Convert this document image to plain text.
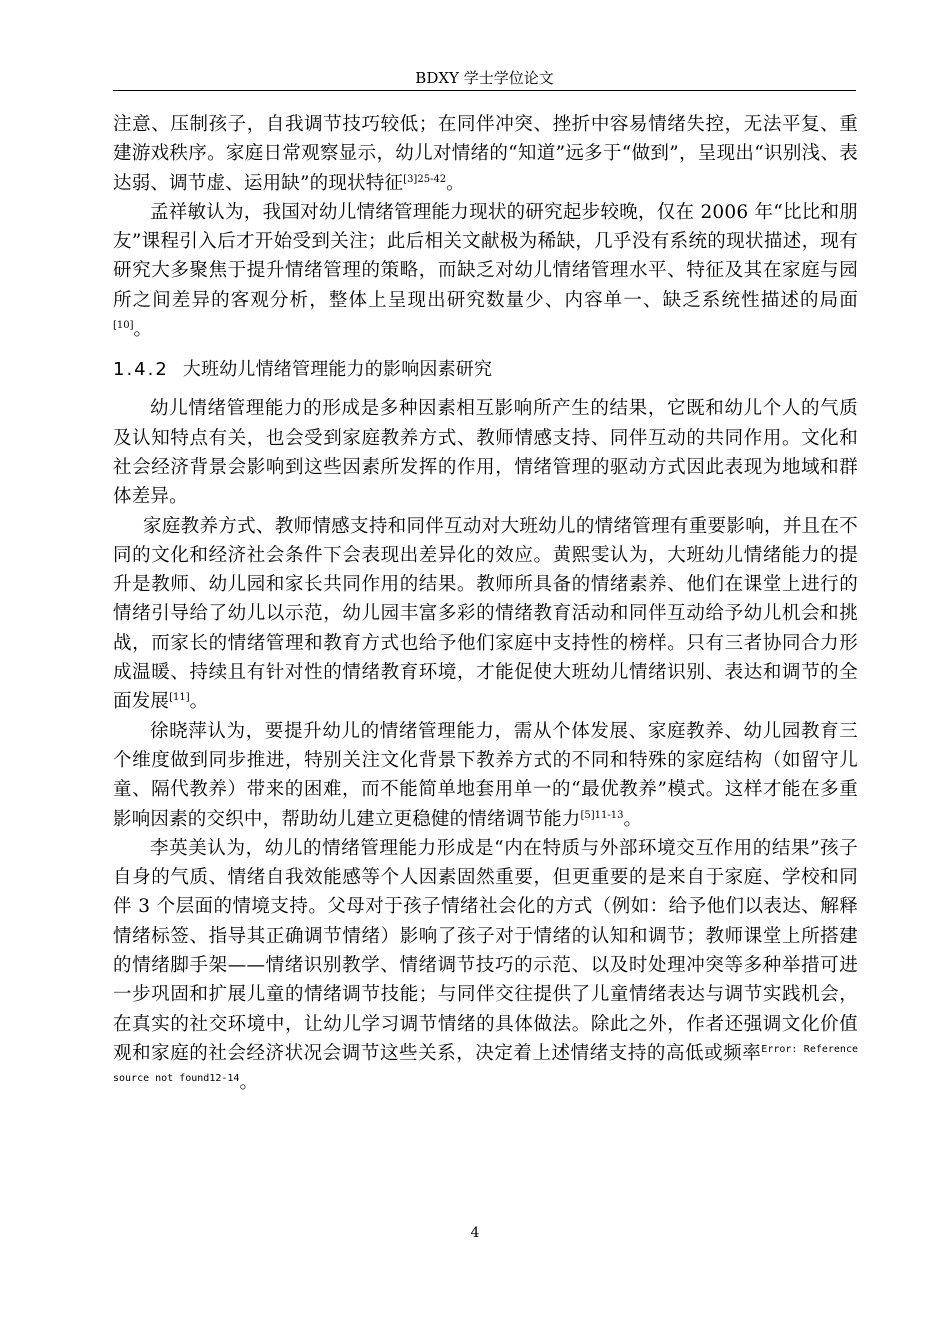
BDXY 学士学位论文

注意、压制孩子，自我调节技巧较低；在同伴冲突、挫折中容易情绪失控，无法平复、重建游戏秩序。家庭日常观察显示，幼儿对情绪的“知道”远多于“做到”，呈现出“识别浅、表达弱、调节虚、运用缺”的现状特征$^{[3]25-42}$。

孟祥敏认为，我国对幼儿情绪管理能力现状的研究起步较晚，仅在 2006 年“比比和朋友”课程引入后才开始受到关注；此后相关文献极为稀缺，几乎没有系统的现状描述，现有研究大多聚焦于提升情绪管理的策略，而缺乏对幼儿情绪管理水平、特征及其在家庭与园所之间差异的客观分析，整体上呈现出研究数量少、内容单一、缺乏系统性描述的局面[10]。

1.4.2 大班幼儿情绪管理能力的影响因素研究

幼儿情绪管理能力的形成是多种因素相互影响所产生的结果，它既和幼儿个人的气质及认知特点有关，也会受到家庭教养方式、教师情感支持、同伴互动的共同作用。文化和社会经济背景会影响到这些因素所发挥的作用，情绪管理的驱动方式因此表现为地域和群体差异。

家庭教养方式、教师情感支持和同伴互动对大班幼儿的情绪管理有重要影响，并且在不同的文化和经济社会条件下会表现出差异化的效应。黄熙雯认为，大班幼儿情绪能力的提升是教师、幼儿园和家长共同作用的结果。教师所具备的情绪素养、他们在课堂上进行的情绪引导给了幼儿以示范，幼儿园丰富多彩的情绪教育活动和同伴互动给予幼儿机会和挑战，而家长的情绪管理和教育方式也给予他们家庭中支持性的榜样。只有三者协同合力形成温暖、持续且有针对性的情绪教育环境，才能促使大班幼儿情绪识别、表达和调节的全面发展[11]。

徐晓萍认为，要提升幼儿的情绪管理能力，需从个体发展、家庭教养、幼儿园教育三个维度做到同步推进，特别关注文化背景下教养方式的不同和特殊的家庭结构（如留守儿童、隔代教养）带来的困难，而不能简单地套用单一的“最优教养”模式。这样才能在多重影响因素的交织中，帮助幼儿建立更稳健的情绪调节能力$^{[5]11-13}$。

李英美认为，幼儿的情绪管理能力形成是“内在特质与外部环境交互作用的结果”孩子自身的气质、情绪自我效能感等个人因素固然重要，但更重要的是来自于家庭、学校和同伴 3 个层面的情境支持。父母对于孩子情绪社会化的方式（例如：给予他们以表达、解释情绪标签、指导其正确调节情绪）影响了孩子对于情绪的认知和调节；教师课堂上所搭建的情绪脚手架——情绪识别教学、情绪调节技巧的示范、以及时处理冲突等多种举措可进一步巩固和扩展儿童的情绪调节技能；与同伴交往提供了儿童情绪表达与调节实践机会，在真实的社交环境中，让幼儿学习调节情绪的具体做法。除此之外，作者还强调文化价值观和家庭的社会经济状况会调节这些关系，决定着上述情绪支持的高低或频率$^{Error: Reference source not found12-14}$。

4
